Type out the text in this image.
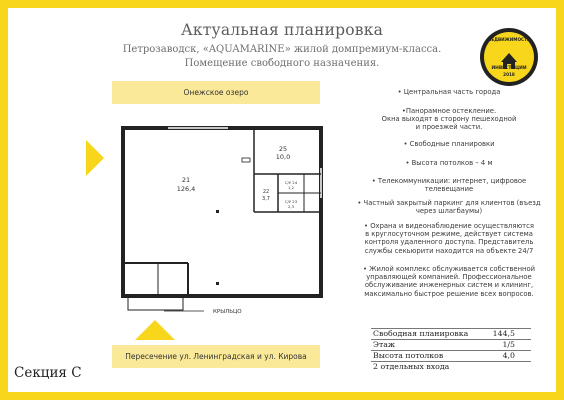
Актуальная планировка
Петрозаводск, «AQUAMARINE» жилой домпремиум-класса.
Помещение свободного назначения.
НЕДВИЖИМОСТЬ
ИНВЕСТИЦИИ
2018
Онежское озеро
21
126,4
25
10,0
22
3,7
С/У 24
1,2
С/У 23
2,3
КРЫЛЬЦО
Пересечение ул. Ленинградская и ул. Кирова
Секция С
• Центральная часть города
•Панорамное остекление.
Окна выходят в сторону пешеходной
и проезжей части.
• Свободные планировки
• Высота потолков – 4 м
• Телекоммуникации: интернет, цифровое
телевещание
• Частный закрытый паркинг для клиентов (въезд
через шлагбаумы)
• Охрана и видеонаблюдение осуществляются
в круглосуточном режиме, действует система
контроля удаленного доступа. Представитель
службы секьюрити находится на объекте 24/7
• Жилой комплекс обслуживается собственной
управляющей компанией. Профессиональное
обслуживание инженерных систем и клининг,
максимально быстрое решение всех вопросов.
Свободная планировка	144,5
Этаж	1/5
Высота потолков	4,0
2 отдельных входа	
